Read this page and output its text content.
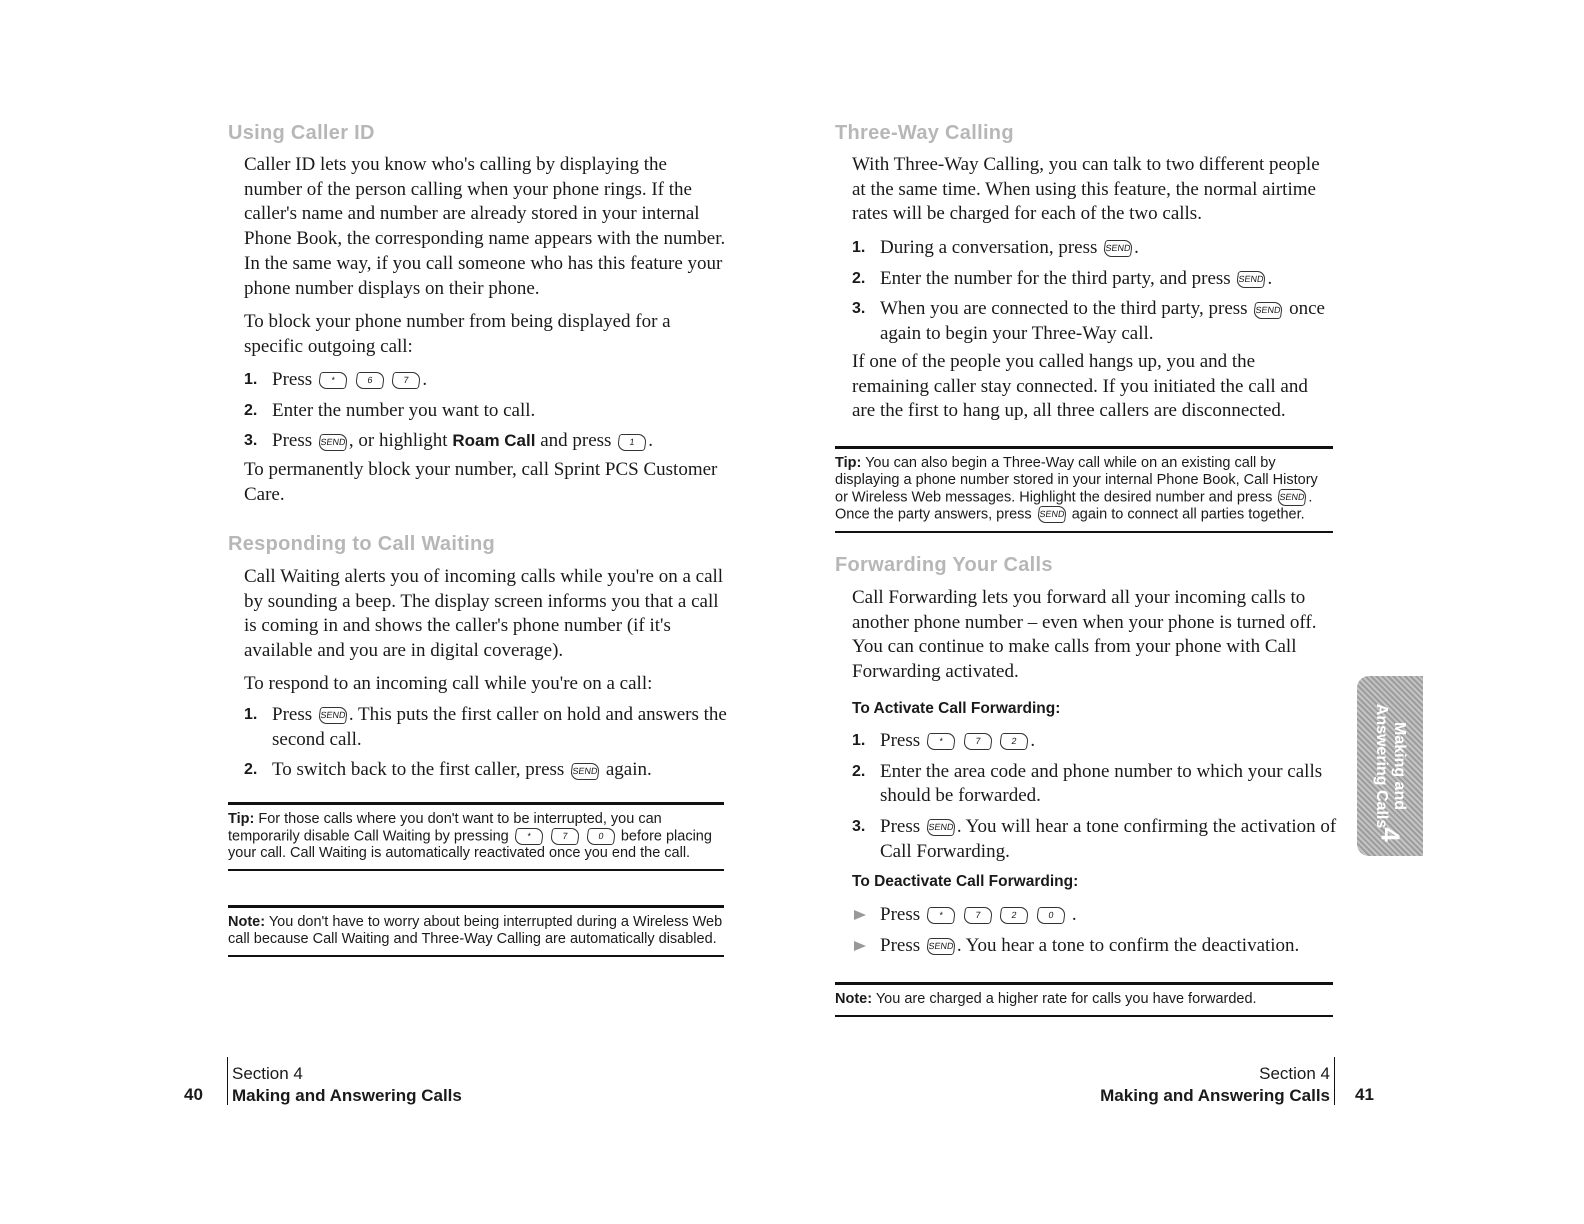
Using Caller ID

Caller ID lets you know who's calling by displaying the number of the person calling when your phone rings. If the caller's name and number are already stored in your internal Phone Book, the corresponding name appears with the number. In the same way, if you call someone who has this feature your phone number displays on their phone.

To block your phone number from being displayed for a specific outgoing call:

1. Press *	6	7 .
2. Enter the number you want to call.
3. Press SEND , or highlight Roam Call and press 1 .

To permanently block your number, call Sprint PCS Customer Care.

Responding to Call Waiting

Call Waiting alerts you of incoming calls while you're on a call by sounding a beep. The display screen informs you that a call is coming in and shows the caller's phone number (if it's available and you are in digital coverage).

To respond to an incoming call while you're on a call:

1. Press SEND . This puts the first caller on hold and answers the second call.
2. To switch back to the first caller, press SEND again.
Tip: For those calls where you don't want to be interrupted, you can temporarily disable Call Waiting by pressing *	7	0 before placing your call. Call Waiting is automatically reactivated once you end the call.
Note: You don't have to worry about being interrupted during a Wireless Web call because Call Waiting and Three-Way Calling are automatically disabled.
40
Section 4
Making and Answering Calls
Three-Way Calling

With Three-Way Calling, you can talk to two different people at the same time. When using this feature, the normal airtime rates will be charged for each of the two calls.

1. During a conversation, press SEND .
2. Enter the number for the third party, and press SEND .
3. When you are connected to the third party, press SEND once again to begin your Three-Way call.

If one of the people you called hangs up, you and the remaining caller stay connected. If you initiated the call and are the first to hang up, all three callers are disconnected.

Tip: You can also begin a Three-Way call while on an existing call by displaying a phone number stored in your internal Phone Book, Call History or Wireless Web messages. Highlight the desired number and press SEND . Once the party answers, press SEND again to connect all parties together.
Forwarding Your Calls

Call Forwarding lets you forward all your incoming calls to another phone number – even when your phone is turned off. You can continue to make calls from your phone with Call Forwarding activated.

To Activate Call Forwarding:
1. Press *	7	2 .
2. Enter the area code and phone number to which your calls should be forwarded.
3. Press SEND . You will hear a tone confirming the activation of Call Forwarding.
To Deactivate Call Forwarding:
Press *	7	2	0 .
Press SEND . You hear a tone to confirm the deactivation.
Note: You are charged a higher rate for calls you have forwarded.
Making and
Answering Calls
4
Section 4
Making and Answering Calls 41
